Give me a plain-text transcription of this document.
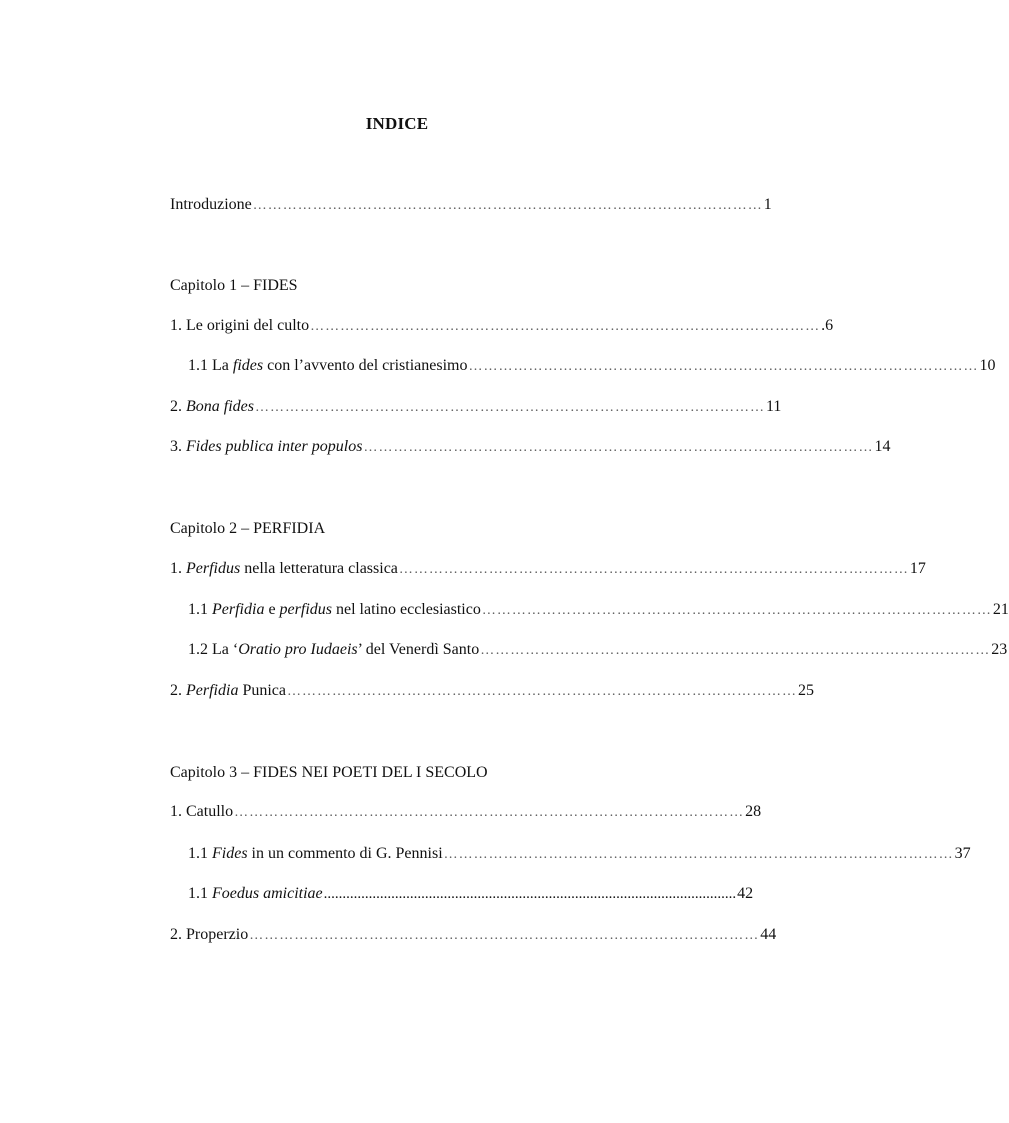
INDICE
Introduzione ………………………………………………………………………………………… 1
Capitolo 1 – FIDES
1. Le origini del culto ………………………………………………………………………………………… .6
1.1 La fides con l’avvento del cristianesimo ………………………………………………………………………………………… 10
2. Bona fides ………………………………………………………………………………………… 11
3. Fides publica inter populos ………………………………………………………………………………………… 14
Capitolo 2 – PERFIDIA
1. Perfidus nella letteratura classica ………………………………………………………………………………………… 17
1.1 Perfidia e perfidus nel latino ecclesiastico ………………………………………………………………………………………… 21
1.2 La ‘Oratio pro Iudaeis’ del Venerdì Santo ………………………………………………………………………………………… 23
2. Perfidia Punica ………………………………………………………………………………………… 25
Capitolo 3 – FIDES NEI POETI DEL I SECOLO
1. Catullo ………………………………………………………………………………………… 28
1.1 Fides in un commento di G. Pennisi ………………………………………………………………………………………… 37
1.1 Foedus amicitiae .............................................................................................................. 42
2. Properzio ………………………………………………………………………………………… 44
